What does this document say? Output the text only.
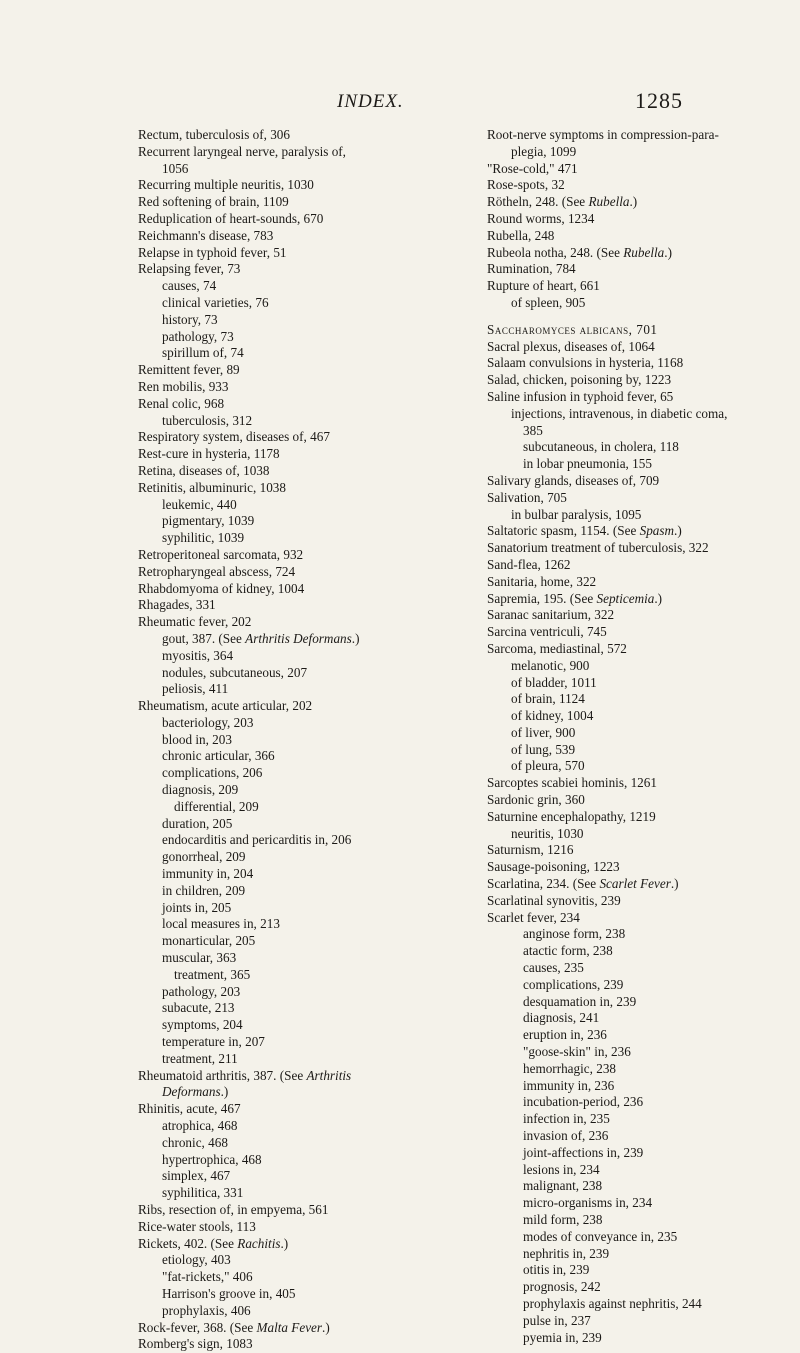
INDEX.	1285
Rectum, tuberculosis of, 306
Recurrent laryngeal nerve, paralysis of,
1056
Recurring multiple neuritis, 1030
Red softening of brain, 1109
Reduplication of heart-sounds, 670
Reichmann's disease, 783
Relapse in typhoid fever, 51
Relapsing fever, 73
causes, 74
clinical varieties, 76
history, 73
pathology, 73
spirillum of, 74
Remittent fever, 89
Ren mobilis, 933
Renal colic, 968
tuberculosis, 312
Respiratory system, diseases of, 467
Rest-cure in hysteria, 1178
Retina, diseases of, 1038
Retinitis, albuminuric, 1038
leukemic, 440
pigmentary, 1039
syphilitic, 1039
Retroperitoneal sarcomata, 932
Retropharyngeal abscess, 724
Rhabdomyoma of kidney, 1004
Rhagades, 331
Rheumatic fever, 202
gout, 387. (See Arthritis Deformans.)
myositis, 364
nodules, subcutaneous, 207
peliosis, 411
Rheumatism, acute articular, 202
bacteriology, 203
blood in, 203
chronic articular, 366
complications, 206
diagnosis, 209
differential, 209
duration, 205
endocarditis and pericarditis in, 206
gonorrheal, 209
immunity in, 204
in children, 209
joints in, 205
local measures in, 213
monarticular, 205
muscular, 363
treatment, 365
pathology, 203
subacute, 213
symptoms, 204
temperature in, 207
treatment, 211
Rheumatoid arthritis, 387. (See Arthritis
Deformans.)
Rhinitis, acute, 467
atrophica, 468
chronic, 468
hypertrophica, 468
simplex, 467
syphilitica, 331
Ribs, resection of, in empyema, 561
Rice-water stools, 113
Rickets, 402. (See Rachitis.)
etiology, 403
"fat-rickets," 406
Harrison's groove in, 405
prophylaxis, 406
Rock-fever, 368. (See Malta Fever.)
Romberg's sign, 1083
Root-nerve symptoms in compression-para-
plegia, 1099
"Rose-cold," 471
Rose-spots, 32
Rötheln, 248. (See Rubella.)
Round worms, 1234
Rubella, 248
Rubeola notha, 248. (See Rubella.)
Rumination, 784
Rupture of heart, 661
of spleen, 905
Saccharomyces albicans, 701
Sacral plexus, diseases of, 1064
Salaam convulsions in hysteria, 1168
Salad, chicken, poisoning by, 1223
Saline infusion in typhoid fever, 65
injections, intravenous, in diabetic coma,
385
subcutaneous, in cholera, 118
in lobar pneumonia, 155
Salivary glands, diseases of, 709
Salivation, 705
in bulbar paralysis, 1095
Saltatoric spasm, 1154. (See Spasm.)
Sanatorium treatment of tuberculosis, 322
Sand-flea, 1262
Sanitaria, home, 322
Sapremia, 195. (See Septicemia.)
Saranac sanitarium, 322
Sarcina ventriculi, 745
Sarcoma, mediastinal, 572
melanotic, 900
of bladder, 1011
of brain, 1124
of kidney, 1004
of liver, 900
of lung, 539
of pleura, 570
Sarcoptes scabiei hominis, 1261
Sardonic grin, 360
Saturnine encephalopathy, 1219
neuritis, 1030
Saturnism, 1216
Sausage-poisoning, 1223
Scarlatina, 234. (See Scarlet Fever.)
Scarlatinal synovitis, 239
Scarlet fever, 234
anginose form, 238
atactic form, 238
causes, 235
complications, 239
desquamation in, 239
diagnosis, 241
eruption in, 236
"goose-skin" in, 236
hemorrhagic, 238
immunity in, 236
incubation-period, 236
infection in, 235
invasion of, 236
joint-affections in, 239
lesions in, 234
malignant, 238
micro-organisms in, 234
mild form, 238
modes of conveyance in, 235
nephritis in, 239
otitis in, 239
prognosis, 242
prophylaxis against nephritis, 244
pulse in, 237
pyemia in, 239
